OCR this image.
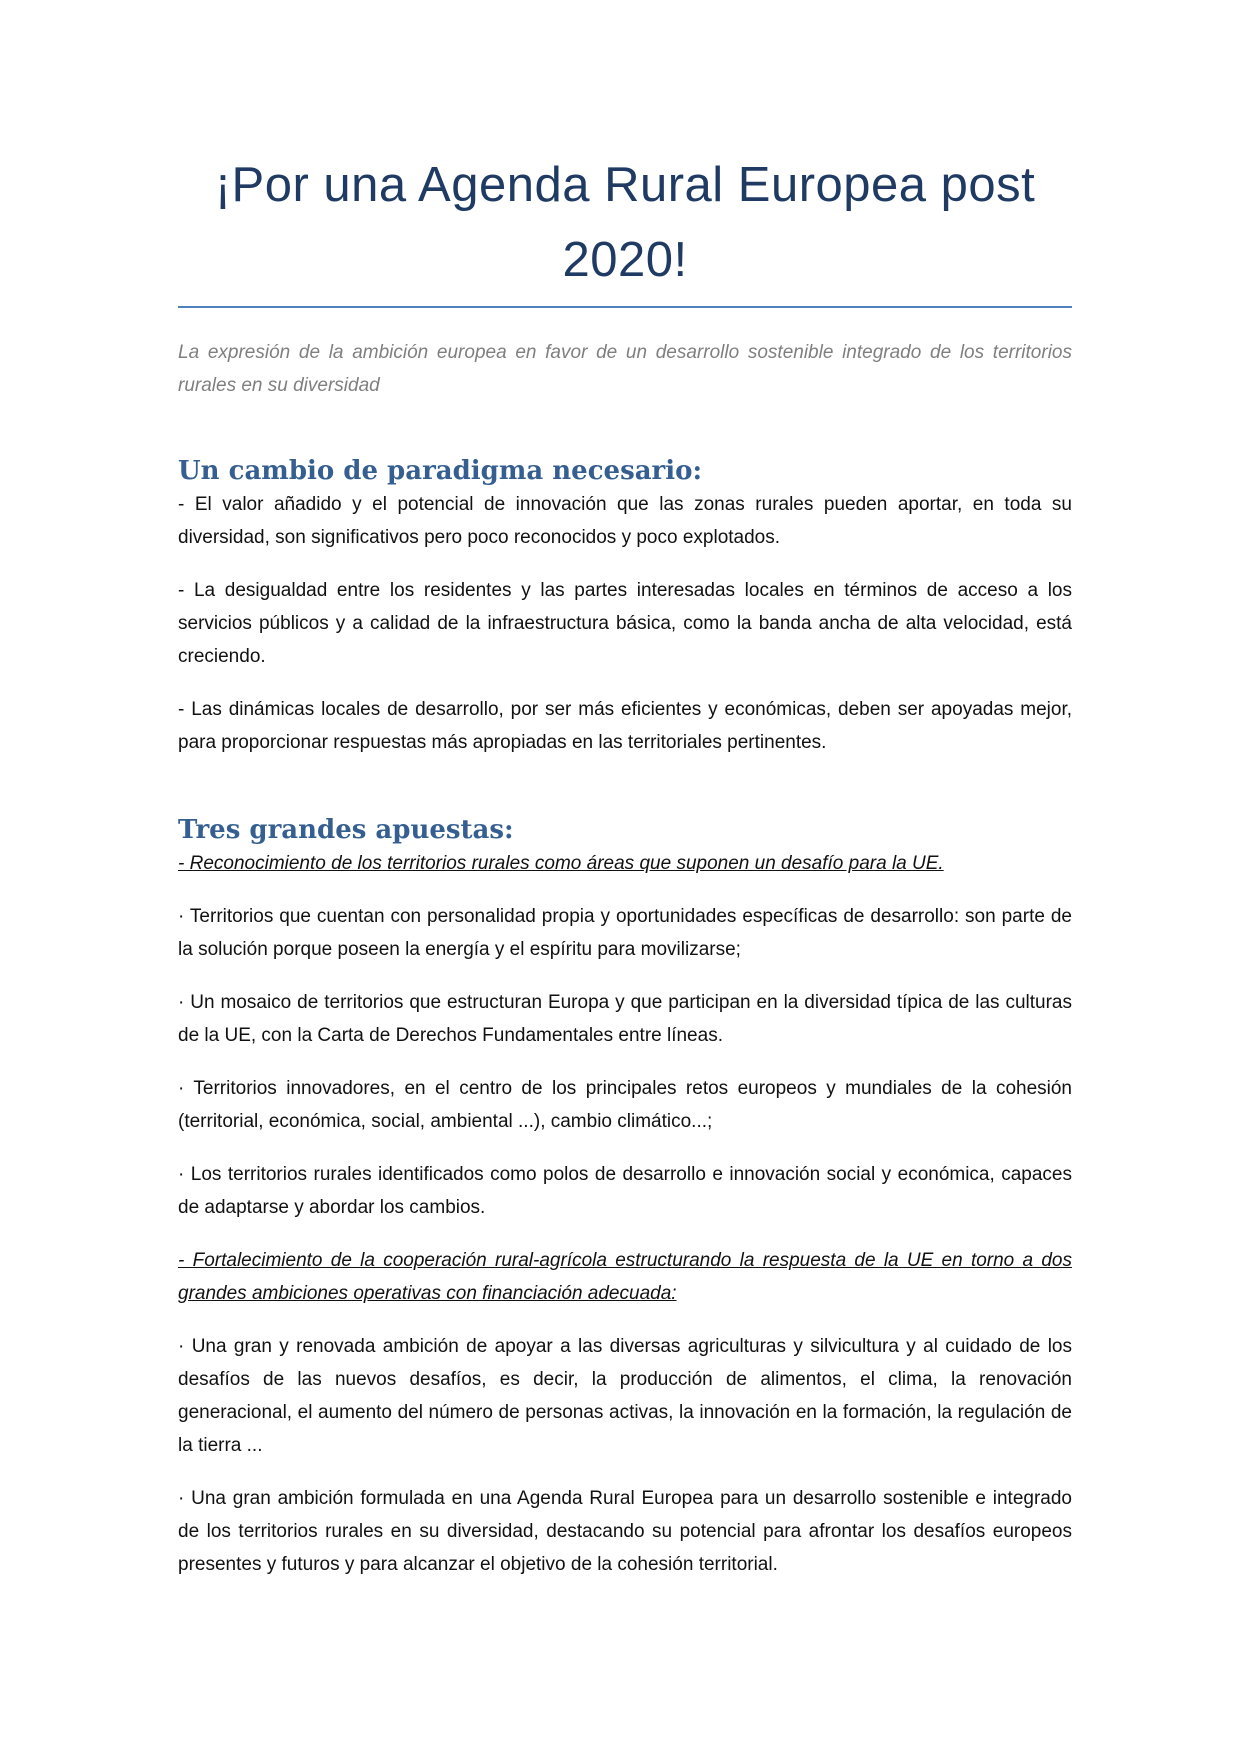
¡Por una Agenda Rural Europea post 2020!

La expresión de la ambición europea en favor de un desarrollo sostenible integrado de los territorios rurales en su diversidad

Un cambio de paradigma necesario:

- El valor añadido y el potencial de innovación que las zonas rurales pueden aportar, en toda su diversidad, son significativos pero poco reconocidos y poco explotados.

- La desigualdad entre los residentes y las partes interesadas locales en términos de acceso a los servicios públicos y a calidad de la infraestructura básica, como la banda ancha de alta velocidad, está creciendo.

- Las dinámicas locales de desarrollo, por ser más eficientes y económicas, deben ser apoyadas mejor, para proporcionar respuestas más apropiadas en las territoriales pertinentes.

Tres grandes apuestas:

- Reconocimiento de los territorios rurales como áreas que suponen un desafío para la UE.

· Territorios que cuentan con personalidad propia y oportunidades específicas de desarrollo: son parte de la solución porque poseen la energía y el espíritu para movilizarse;

· Un mosaico de territorios que estructuran Europa y que participan en la diversidad típica de las culturas de la UE, con la Carta de Derechos Fundamentales entre líneas.

· Territorios innovadores, en el centro de los principales retos europeos y mundiales de la cohesión (territorial, económica, social, ambiental ...), cambio climático...;

· Los territorios rurales identificados como polos de desarrollo e innovación social y económica, capaces de adaptarse y abordar los cambios.

- Fortalecimiento de la cooperación rural-agrícola estructurando la respuesta de la UE en torno a dos grandes ambiciones operativas con financiación adecuada:

· Una gran y renovada ambición de apoyar a las diversas agriculturas y silvicultura y al cuidado de los desafíos de las nuevos desafíos, es decir, la producción de alimentos, el clima, la renovación generacional, el aumento del número de personas activas, la innovación en la formación, la regulación de la tierra ...

· Una gran ambición formulada en una Agenda Rural Europea para un desarrollo sostenible e integrado de los territorios rurales en su diversidad, destacando su potencial para afrontar los desafíos europeos presentes y futuros y para alcanzar el objetivo de la cohesión territorial.
